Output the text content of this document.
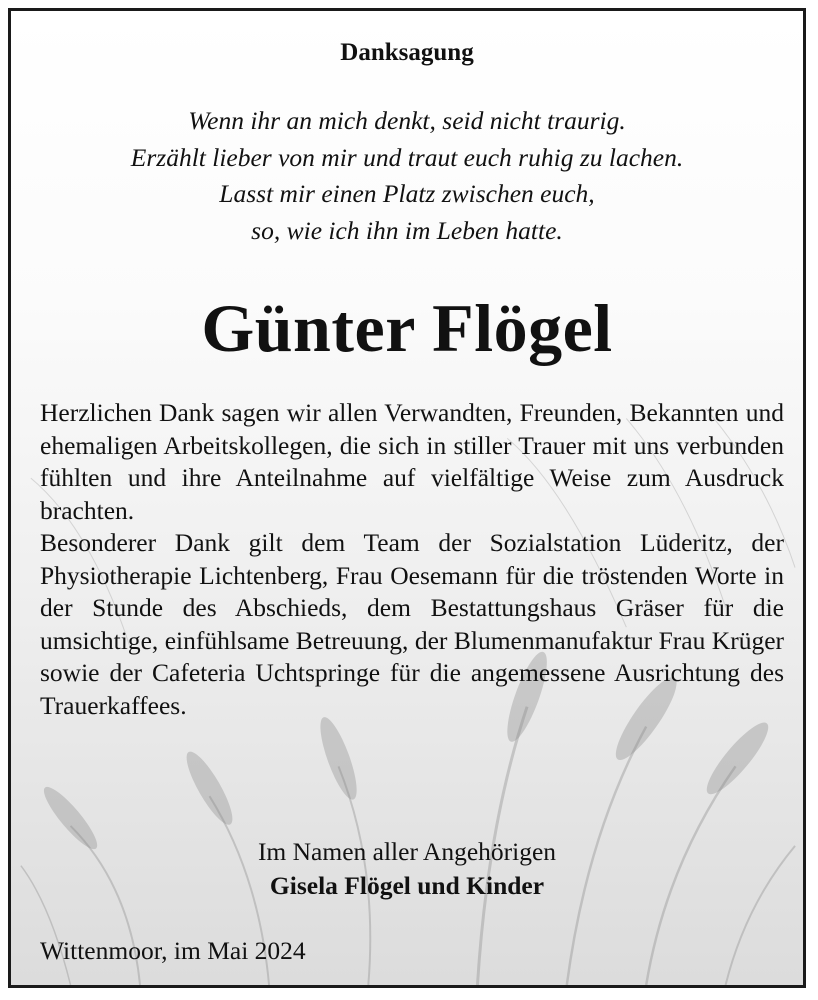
Danksagung
Wenn ihr an mich denkt, seid nicht traurig.
Erzählt lieber von mir und traut euch ruhig zu lachen.
Lasst mir einen Platz zwischen euch,
so, wie ich ihn im Leben hatte.
Günter Flögel

Herzlichen Dank sagen wir allen Verwandten, Freunden, Bekannten und ehemaligen Arbeitskollegen, die sich in stiller Trauer mit uns verbunden fühlten und ihre Anteilnahme auf vielfältige Weise zum Ausdruck brachten.

Besonderer Dank gilt dem Team der Sozialstation Lüderitz, der Physiotherapie Lichtenberg, Frau Oesemann für die tröstenden Worte in der Stunde des Abschieds, dem Bestattungshaus Gräser für die umsichtige, einfühlsame Betreuung, der Blumenmanufaktur Frau Krüger sowie der Cafeteria Uchtspringe für die angemessene Ausrichtung des Trauerkaffees.

Im Namen aller Angehörigen
Gisela Flögel und Kinder
Wittenmoor, im Mai 2024
